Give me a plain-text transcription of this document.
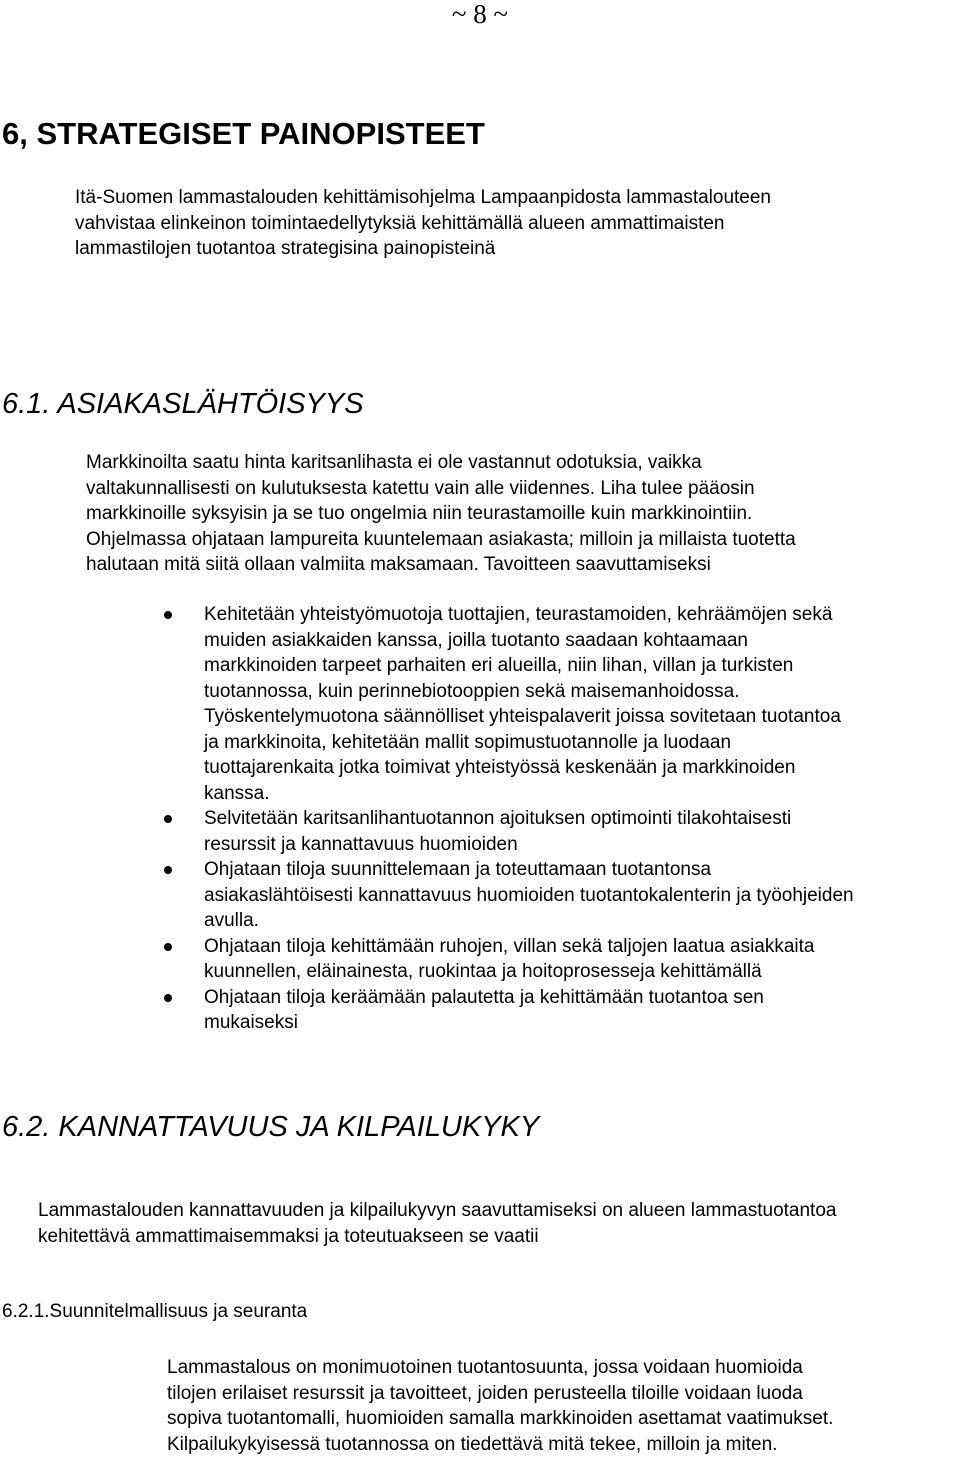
~ 8 ~
6, STRATEGISET PAINOPISTEET
Itä-Suomen lammastalouden kehittämisohjelma Lampaanpidosta lammastalouteen
vahvistaa elinkeinon toimintaedellytyksiä kehittämällä alueen ammattimaisten
lammastilojen tuotantoa strategisina painopisteinä
6.1. ASIAKASLÄHTÖISYYS
Markkinoilta saatu hinta karitsanlihasta ei ole vastannut odotuksia, vaikka
valtakunnallisesti on kulutuksesta katettu vain alle viidennes. Liha tulee pääosin
markkinoille syksyisin ja se tuo ongelmia niin teurastamoille kuin markkinointiin.
Ohjelmassa ohjataan lampureita kuuntelemaan asiakasta; milloin ja millaista tuotetta
halutaan mitä siitä ollaan valmiita maksamaan. Tavoitteen saavuttamiseksi
Kehitetään yhteistyömuotoja tuottajien, teurastamoiden, kehräämöjen sekä
muiden asiakkaiden kanssa, joilla tuotanto saadaan kohtaamaan
markkinoiden tarpeet parhaiten eri alueilla, niin lihan, villan ja turkisten
tuotannossa, kuin perinnebiotooppien sekä maisemanhoidossa.
Työskentelymuotona säännölliset yhteispalaverit joissa sovitetaan tuotantoa
ja markkinoita, kehitetään mallit sopimustuotannolle ja luodaan
tuottajarenkaita jotka toimivat yhteistyössä keskenään ja markkinoiden
kanssa.
Selvitetään karitsanlihantuotannon ajoituksen optimointi tilakohtaisesti
resurssit ja kannattavuus huomioiden
Ohjataan tiloja suunnittelemaan ja toteuttamaan tuotantonsa
asiakaslähtöisesti kannattavuus huomioiden tuotantokalenterin ja työohjeiden
avulla.
Ohjataan tiloja kehittämään ruhojen, villan sekä taljojen laatua asiakkaita
kuunnellen, eläinainesta, ruokintaa ja hoitoprosesseja kehittämällä
Ohjataan tiloja keräämään palautetta ja kehittämään tuotantoa sen
mukaiseksi
6.2. KANNATTAVUUS JA KILPAILUKYKY
Lammastalouden kannattavuuden ja kilpailukyvyn saavuttamiseksi on alueen lammastuotantoa
kehitettävä ammattimaisemmaksi ja toteutuakseen se vaatii
6.2.1.Suunnitelmallisuus ja seuranta
Lammastalous on monimuotoinen tuotantosuunta, jossa voidaan huomioida
tilojen erilaiset resurssit ja tavoitteet, joiden perusteella tiloille voidaan luoda
sopiva tuotantomalli, huomioiden samalla markkinoiden asettamat vaatimukset.
Kilpailukykyisessä tuotannossa on tiedettävä mitä tekee, milloin ja miten.
